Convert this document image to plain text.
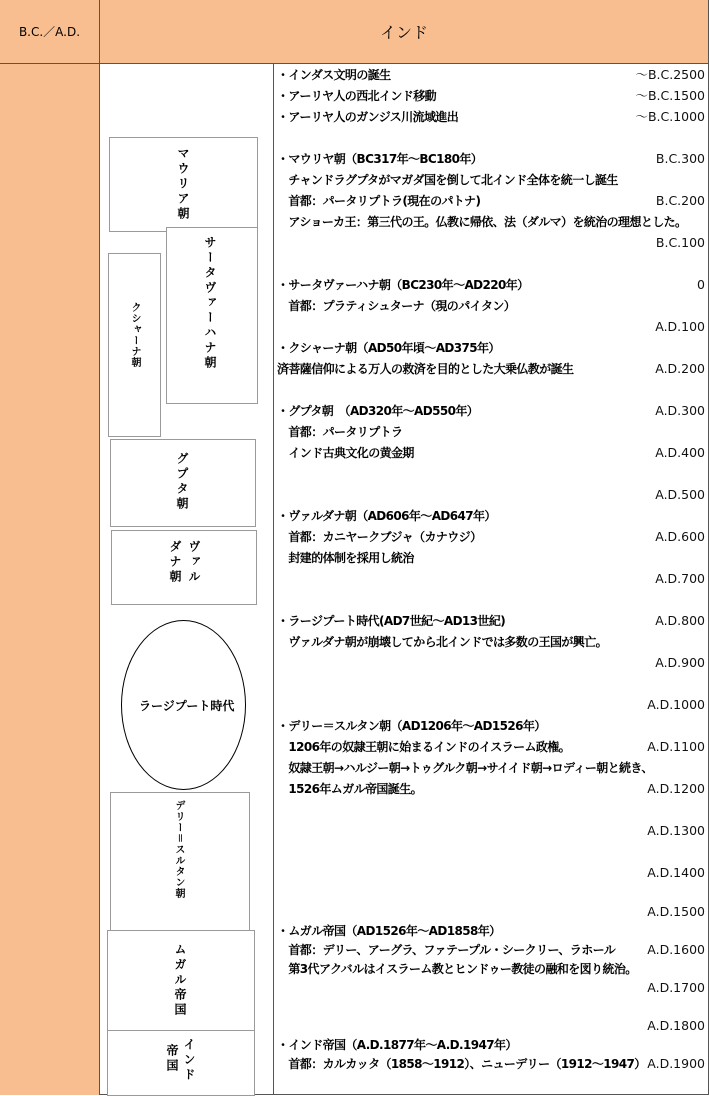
B.C.／A.D.	インド
～B.C.2500
～B.C.1500
～B.C.1000
B.C.300
B.C.200
B.C.100
0
A.D.100
A.D.200
A.D.300
A.D.400
A.D.500
A.D.600
A.D.700
A.D.800
A.D.900
A.D.1000
A.D.1100
A.D.1200
A.D.1300
A.D.1400
A.D.1500
A.D.1600
A.D.1700
A.D.1800
A.D.1900
マウリア朝
クシャーナ朝	サータヴァーハナ朝
グプタ朝
ヴァル
ダナ朝
ラージプート時代
デリー＝スルタン朝
ムガル帝国
インド
帝国
・インダス文明の誕生
・アーリヤ人の西北インド移動
・アーリヤ人のガンジス川流域進出
・マウリヤ朝（BC317年～BC180年）
　チャンドラグプタがマガダ国を倒して北インド全体を統一し誕生
　首都：パータリプトラ(現在のパトナ)
　アショーカ王：第三代の王。仏教に帰依、法（ダルマ）を統治の理想とした。
・サータヴァーハナ朝（BC230年～AD220年）
　首都：プラティシュターナ（現のパイタン）
・クシャーナ朝（AD50年頃～AD375年）
済菩薩信仰による万人の救済を目的とした大乗仏教が誕生
・グプタ朝　（AD320年～AD550年）
　首都：パータリプトラ
　インド古典文化の黄金期
・ヴァルダナ朝（AD606年～AD647年）
　首都：カニヤークブジャ（カナウジ）
　封建的体制を採用し統治
・ラージプート時代(AD7世紀～AD13世紀)
　ヴァルダナ朝が崩壊してから北インドでは多数の王国が興亡。
・デリー＝スルタン朝（AD1206年～AD1526年）
　1206年の奴隷王朝に始まるインドのイスラーム政権。
　奴隷王朝→ハルジー朝→トゥグルク朝→サイイド朝→ロディー朝と続き、
　1526年ムガル帝国誕生。
・ムガル帝国（AD1526年～AD1858年）
　首都：デリー、アーグラ、ファテープル・シークリー、ラホール
　第3代アクバルはイスラーム教とヒンドゥー教徒の融和を図り統治。
・インド帝国（A.D.1877年～A.D.1947年）
　首都：カルカッタ（1858～1912）、ニューデリー（1912～1947）
